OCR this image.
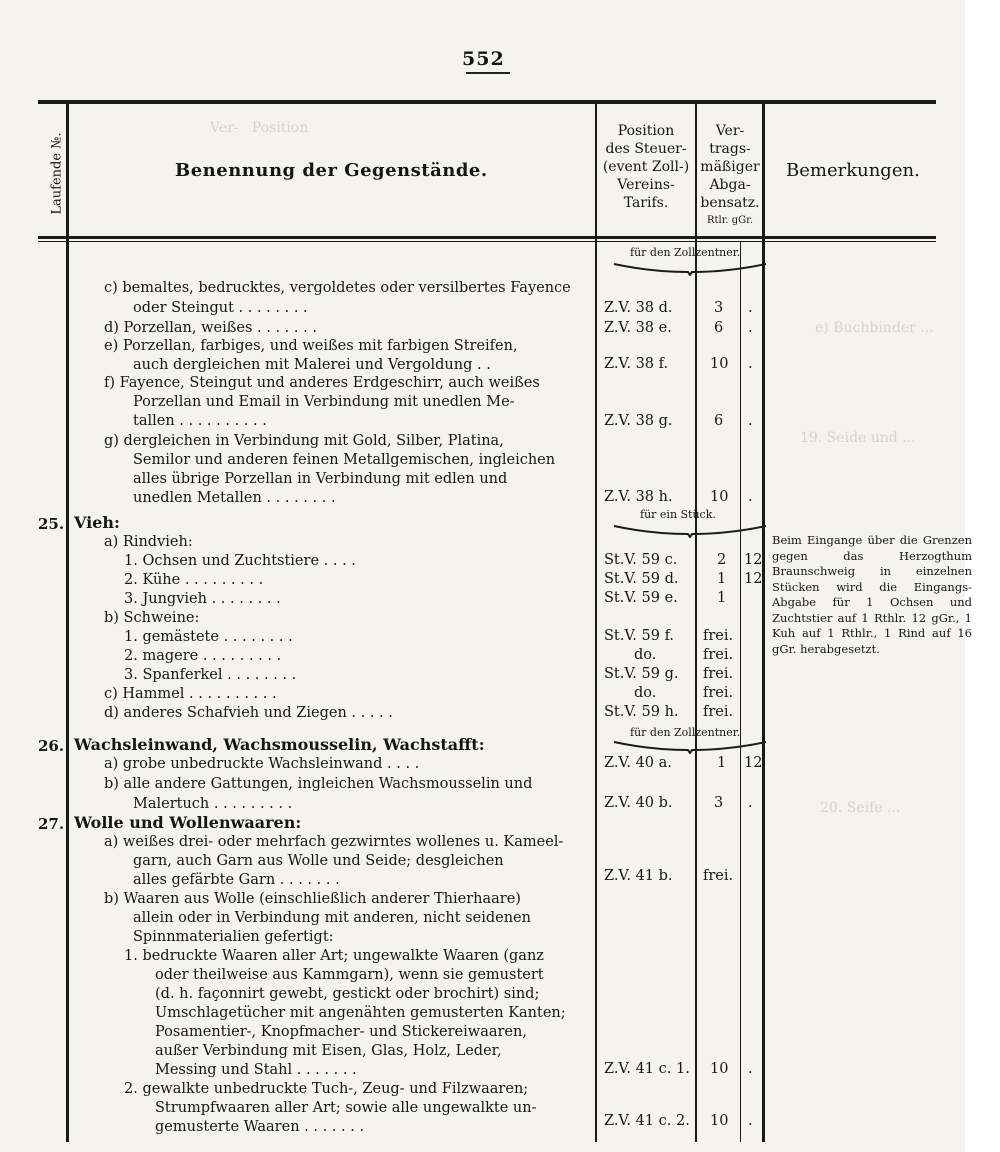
Ver-   Position
e) Buchbinder ...
19. Seide und ...
20. Seife ...
552
Laufende №.	Benennung der Gegenstände.
Position
des Steuer-
(event Zoll-)
Vereins-
Tarifs.
Ver-
trags-
mäßiger
Abga-
bensatz.
Rtlr. gGr.
Bemerkungen.
für den Zollzentner.
c) bemaltes, bedrucktes, vergoldetes oder versilbertes Fayence
oder Steingut . . . . . . . .	Z.V. 38 d.	3 .
d) Porzellan, weißes . . . . . . .	Z.V. 38 e.	6 .
e) Porzellan, farbiges, und weißes mit farbigen Streifen,
auch dergleichen mit Malerei und Vergoldung . .	Z.V. 38 f.	10 .
f) Fayence, Steingut und anderes Erdgeschirr, auch weißes
Porzellan und Email in Verbindung mit unedlen Me-
tallen . . . . . . . . . .	Z.V. 38 g.	6 .
g) dergleichen in Verbindung mit Gold, Silber, Platina,
Semilor und anderen feinen Metallgemischen, ingleichen
alles übrige Porzellan in Verbindung mit edlen und
unedlen Metallen . . . . . . . .	Z.V. 38 h.	10 .
für ein Stück.
25. Vieh:
a) Rindvieh:
1. Ochsen und Zuchtstiere . . . .	St.V. 59 c.	2 12
2. Kühe . . . . . . . . .	St.V. 59 d.	1 12
3. Jungvieh . . . . . . . .	St.V. 59 e.	1
b) Schweine:
1. gemästete . . . . . . . .	St.V. 59 f. frei.
2. magere . . . . . . . . .	do.	frei.
3. Spanferkel . . . . . . . .	St.V. 59 g. frei.
c) Hammel . . . . . . . . . .	do.	frei.
d) anderes Schafvieh und Ziegen . . . . .	St.V. 59 h. frei.
Beim Eingange über die Grenzen gegen das Herzogthum Braunschweig in einzelnen Stücken wird die Eingangs-Abgabe für 1 Ochsen und Zuchtstier auf 1 Rthlr. 12 gGr., 1 Kuh auf 1 Rthlr., 1 Rind auf 16 gGr. herabgesetzt.
für den Zollzentner.
26. Wachsleinwand, Wachsmousselin, Wachstafft:
a) grobe unbedruckte Wachsleinwand . . . .	Z.V. 40 a.	1 12
b) alle andere Gattungen, ingleichen Wachsmousselin und
Malertuch . . . . . . . . .	Z.V. 40 b.	3 .
27. Wolle und Wollenwaaren:
a) weißes drei- oder mehrfach gezwirntes wollenes u. Kameel-
garn, auch Garn aus Wolle und Seide; desgleichen
alles gefärbte Garn . . . . . . .	Z.V. 41 b. frei.
b) Waaren aus Wolle (einschließlich anderer Thierhaare)
allein oder in Verbindung mit anderen, nicht seidenen
Spinnmaterialien gefertigt:
1. bedruckte Waaren aller Art; ungewalkte Waaren (ganz
oder theilweise aus Kammgarn), wenn sie gemustert
(d. h. façonnirt gewebt, gestickt oder brochirt) sind;
Umschlagetücher mit angenähten gemusterten Kanten;
Posamentier-, Knopfmacher- und Stickereiwaaren,
außer Verbindung mit Eisen, Glas, Holz, Leder,
Messing und Stahl . . . . . . .	Z.V. 41 c. 1. 10 .
2. gewalkte unbedruckte Tuch-, Zeug- und Filzwaaren;
Strumpfwaaren aller Art; sowie alle ungewalkte un-
gemusterte Waaren . . . . . . .	Z.V. 41 c. 2. 10 .
